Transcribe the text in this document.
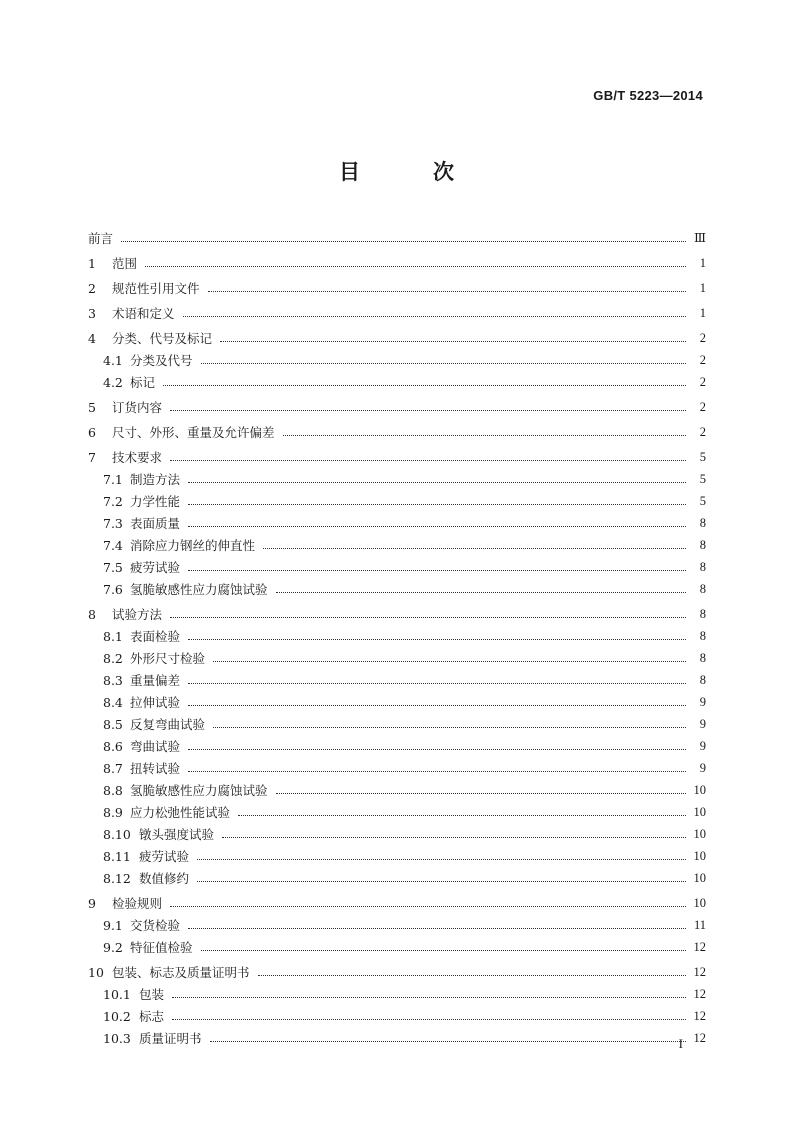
GB/T 5223—2014
目　次
前言	Ⅲ
1	范围	1
2	规范性引用文件	1
3	术语和定义	1
4	分类、代号及标记	2
4.1 分类及代号	2
4.2 标记	2
5	订货内容	2
6	尺寸、外形、重量及允许偏差	2
7	技术要求	5
7.1 制造方法	5
7.2 力学性能	5
7.3 表面质量	8
7.4 消除应力钢丝的伸直性	8
7.5 疲劳试验	8
7.6 氢脆敏感性应力腐蚀试验	8
8	试验方法	8
8.1 表面检验	8
8.2 外形尺寸检验	8
8.3 重量偏差	8
8.4 拉伸试验	9
8.5 反复弯曲试验	9
8.6 弯曲试验	9
8.7 扭转试验	9
8.8 氢脆敏感性应力腐蚀试验	10
8.9 应力松弛性能试验	10
8.10 镦头强度试验	10
8.11 疲劳试验	10
8.12 数值修约	10
9	检验规则	10
9.1 交货检验	11
9.2 特征值检验	12
10 包装、标志及质量证明书	12
10.1 包装	12
10.2 标志	12
10.3 质量证明书	12
I
